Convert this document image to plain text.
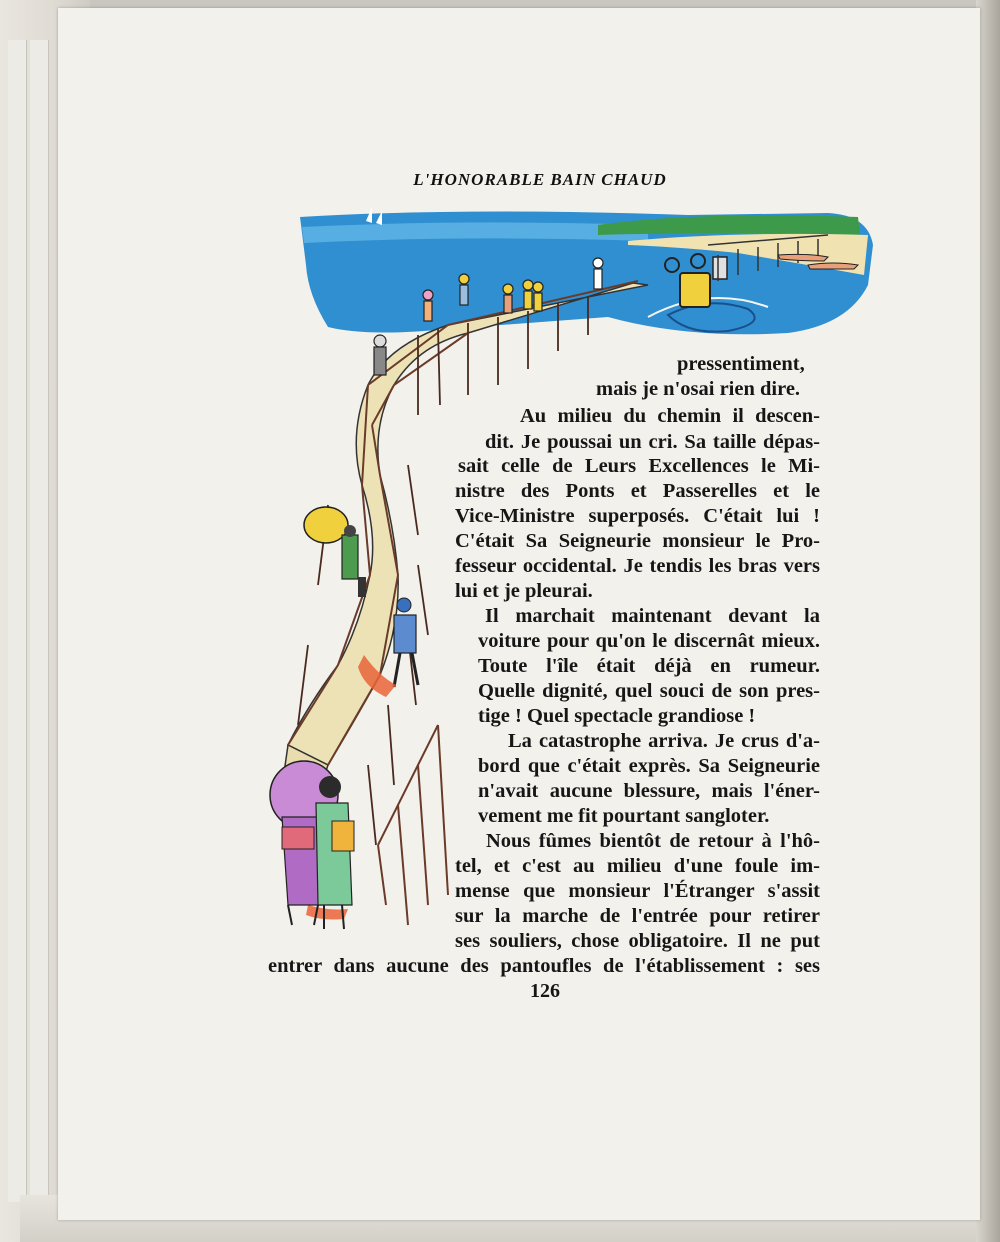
L'HONORABLE BAIN CHAUD
pressentiment,
mais je n'osai rien dire.
Au milieu du chemin il descen-
dit. Je poussai un cri. Sa taille dépas-
sait celle de Leurs Excellences le Mi-
nistre des Ponts et Passerelles et le
Vice-Ministre superposés. C'était lui !
C'était Sa Seigneurie monsieur le Pro-
fesseur occidental. Je tendis les bras vers
lui et je pleurai.
Il marchait maintenant devant la
voiture pour qu'on le discernât mieux.
Toute l'île était déjà en rumeur.
Quelle dignité, quel souci de son pres-
tige ! Quel spectacle grandiose !
La catastrophe arriva. Je crus d'a-
bord que c'était exprès. Sa Seigneurie
n'avait aucune blessure, mais l'éner-
vement me fit pourtant sangloter.
Nous fûmes bientôt de retour à l'hô-
tel, et c'est au milieu d'une foule im-
mense que monsieur l'Étranger s'assit
sur la marche de l'entrée pour retirer
ses souliers, chose obligatoire. Il ne put
entrer dans aucune des pantoufles de l'établissement : ses
126
